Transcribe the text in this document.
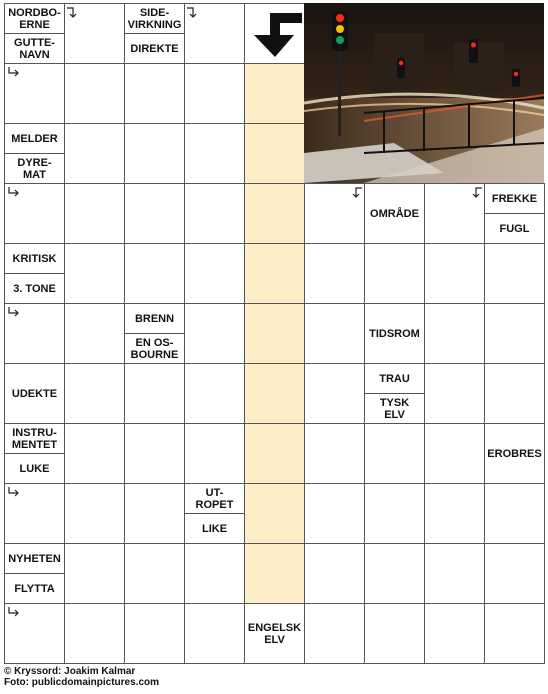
NORDBO-
ERNE
GUTTE-
NAVN
SIDE-
VIRKNING
DIREKTE
MELDER
DYRE-
MAT
OMRÅDE
FREKKE
FUGL
KRITISK
3. TONE
BRENN
EN OS-
BOURNE
TIDSROM
UDEKTE
TRAU
TYSK
ELV
INSTRU-
MENTET
LUKE
EROBRES
UT-
ROPET
LIKE
NYHETEN
FLYTTA
ENGELSK
ELV
© Kryssord: Joakim Kalmar
Foto: publicdomainpictures.com
